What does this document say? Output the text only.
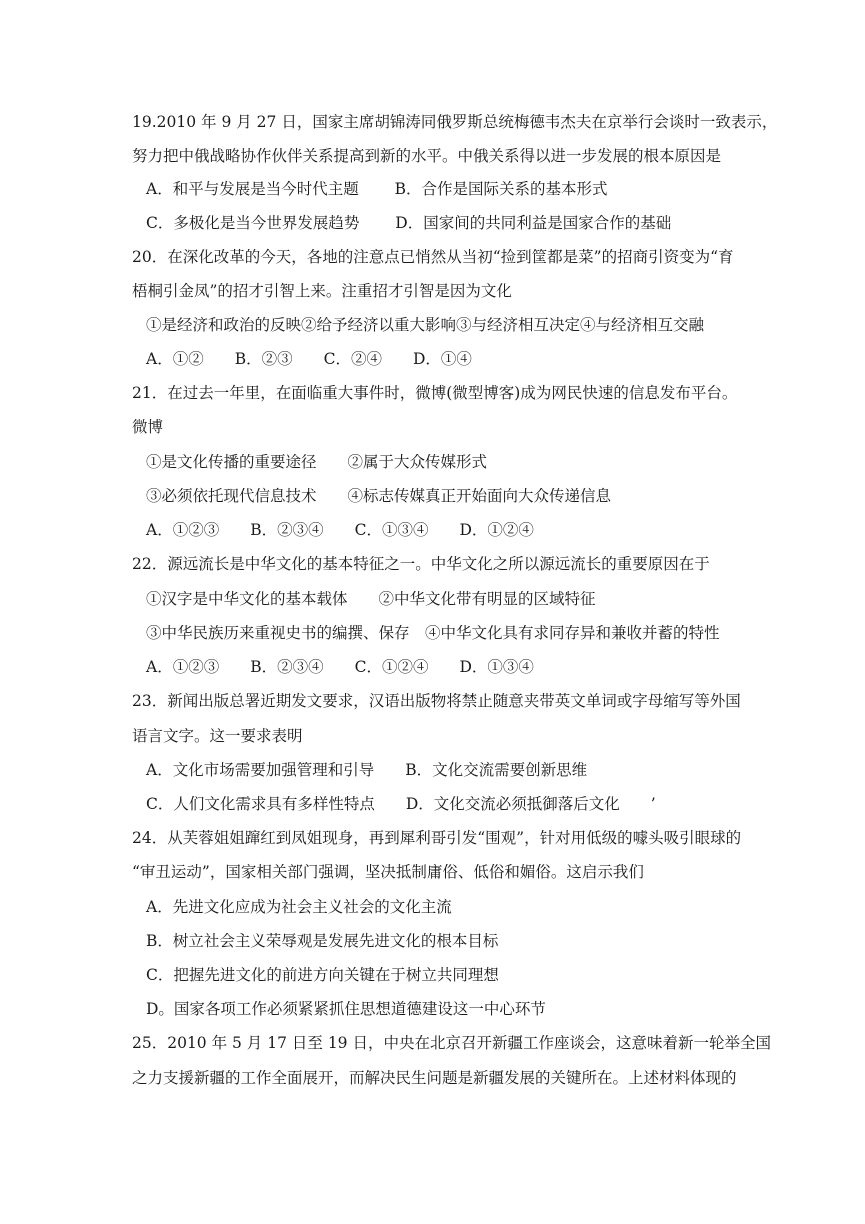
19.2010 年 9 月 27 日，国家主席胡锦涛同俄罗斯总统梅德韦杰夫在京举行会谈时一致表示，
努力把中俄战略协作伙伴关系提高到新的水平。中俄关系得以进一步发展的根本原因是
A．和平与发展是当今时代主题　　 B．合作是国际关系的基本形式
C．多极化是当今世界发展趋势　　 D．国家间的共同利益是国家合作的基础
20．在深化改革的今天，各地的注意点已悄然从当初“捡到筐都是菜”的招商引资变为“育
梧桐引金凤”的招才引智上来。注重招才引智是因为文化
①是经济和政治的反映②给予经济以重大影响③与经济相互决定④与经济相互交融
A．①②　　B．②③　　C．②④　　D．①④
21．在过去一年里，在面临重大事件时，微博(微型博客)成为网民快速的信息发布平台。
微博
①是文化传播的重要途径　　②属于大众传媒形式
③必须依托现代信息技术　　④标志传媒真正开始面向大众传递信息
A．①②③　　B．②③④　　C．①③④　　D．①②④
22．源远流长是中华文化的基本特征之一。中华文化之所以源远流长的重要原因在于
①汉字是中华文化的基本载体　　②中华文化带有明显的区域特征
③中华民族历来重视史书的编撰、保存　④中华文化具有求同存异和兼收并蓄的特性
A．①②③　　B．②③④　　C．①②④　　D．①③④
23．新闻出版总署近期发文要求，汉语出版物将禁止随意夹带英文单词或字母缩写等外国
语言文字。这一要求表明
A．文化市场需要加强管理和引导　　B．文化交流需要创新思维
C．人们文化需求具有多样性特点　　D．文化交流必须抵御落后文化　　’
24．从芙蓉姐姐蹿红到凤姐现身，再到犀利哥引发“围观”，针对用低级的噱头吸引眼球的
“审丑运动”，国家相关部门强调，坚决抵制庸俗、低俗和媚俗。这启示我们
A．先进文化应成为社会主义社会的文化主流
B．树立社会主义荣辱观是发展先进文化的根本目标
C．把握先进文化的前进方向关键在于树立共同理想
D。国家各项工作必须紧紧抓住思想道德建设这一中心环节
25．2010 年 5 月 17 日至 19 日，中央在北京召开新疆工作座谈会，这意味着新一轮举全国
之力支援新疆的工作全面展开，而解决民生问题是新疆发展的关键所在。上述材料体现的
